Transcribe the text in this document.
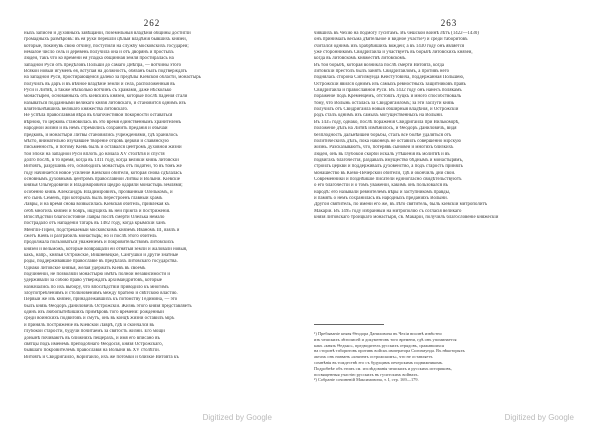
262
ныхъ записей и духовныхъ завѣщаній, поземельныя владѣнія общины достигли
громадныхъ размѣровъ: въ ея руки перешли цѣлыя владѣнія бывшихъ князей,
которые, покинувъ свою отчину, поступили на службу московскихъ государей;
немалое число сель и деревень получила она и отъ дворянъ и простыхъ
людей, такъ что ко времени ея упадка общинная земля простиралась на
западной Руси отъ предѣловъ Польши до самаго Днѣпра, — вотчины этого
Всякой новый игуменъ ея, вступая на должность, обязанъ былъ подтверждать
на западной Руси, простирающейся далеко за предѣлы Кіевской области, монастырь
получилъ въ даръ и въ вѣчное владѣніе земли и сёла, расположенныя въ
Руси и Литвѣ, а также нѣсколько вотчинъ съ храмами, даже нѣсколько
монастырей, основанныхъ отъ кіевскихъ князей, которые послѣ паденія стали
называться подданными великаго князя литовскаго, и становится однимъ изъ
вліятельнѣйшихъ великаго княжества литовскаго.
Не успѣла православная вѣра въ благочестивой покорности оставаться
вѣрною, то церковь становилась въ это время единственнымъ хранителемъ
народной жизни и въ немъ стремились сохранить преданія и обычаи
предковъ, и монастыри Литвы становились учрежденіями, гдѣ хранилось
мѣсто, внимательно изучавшее твореніе отцовъ церкви и славянскую
письменность, и потому Кіевъ былъ и оставался центромъ духовной жизни
той эпохи на западной Руси вплоть до начала XV столѣтія и спустя
долго послѣ, в то время, когда въ 1411 году, когда великій князь литовскій
Витовтъ, разрушивъ его, освободилъ монастырь отъ податей, то въ томъ же
году начинается новое усиленіе Кіевской обители, которая снова сдѣлалась
основнымъ духовнымъ центромъ православной Литвы и Волыни. Кіевскіе
князья Ольгердовичи и Владиміровичи щедро одаряли монастырь землями;
особенно князь Александръ Владиміровичъ, прозванный Олелькомъ, и
его сынъ Семенъ, при которыхъ былъ перестроенъ главный храмъ
Лавры, и на время снова возвысилась Кіевская обитель, привлекая къ
себѣ многихъ князей и бояръ, ищущихъ въ ней пріюта и постриженія.
Впослѣдствіи благосостояніе Лавры послѣ смерти Олелька немало
пострадало отъ нападеній татаръ въ 1482 году, когда крымскій ханъ
Менгли-Гирей, подстрекаемый московскимъ княземъ Иваномъ III, взялъ и
сжегъ Кіевъ и разграбилъ монастырь; но и послѣ этого обитель
продолжала пользоваться уваженіемъ и покровительствомъ литовскихъ
князей и вельможъ, которые возвращали ей отнятыя земли и жаловали новыя,
какъ, напр., князья Острожскіе, Вишневецкіе, Сангушки и другіе знатные
роды, поддерживавшіе православіе въ предѣлахъ литовскаго государства.
Однако литовскіе князья, желая удержать Кіевъ въ своемъ
подчиненіи, не позволяли монастырю имѣть полной независимости и
удерживали за собою право утверждать архимандритовъ, которые
назначались по ихъ выбору, что впослѣдствіи приводило къ многимъ
злоупотребленіямъ и столкновеніямъ между братіею и свѣтскою властію.
Первый же изъ князей, принадлежавшихъ къ потомству Гедимина, — это
былъ князь Ѳеодоръ Даниловичъ Острожскій. Жизнь этого князя представляетъ
одинъ изъ любопытнѣйшихъ примѣровъ того времени: рожденный
среди воинскихъ подвиговъ и смутъ, онъ въ концѣ жизни оставилъ міръ
и принялъ постриженіе въ Кіевской Лаврѣ, гдѣ и скончался въ
глубокой старости, будучи почитаемъ за святость жизни. Его мощи
донынѣ почиваютъ въ ближнихъ пещерахъ, и имя его вписано въ
святцы подъ именемъ преподобнаго Ѳеодосія, князя Острожскаго,
бывшаго покровителемъ православія на Волыни въ XV столѣтіи.
Витовтъ и Свидригайло, Коригайло, ихъ же потомки и близкіе Витовта къ
Digitized by Google
263
чившихъ въ Чехію на подмогу гуситамъ. Въ чешской войнѣ лѣтъ (1422—1430)
онъ принималъ весьма дѣятельное и видное участіе¹) и среди таборитовъ
считался однимъ изъ храбрѣйшихъ вождей; а въ 1430 году онъ является
уже сторонникомъ Свидригайла и участвуетъ въ борьбѣ литовскихъ князей,
когда въ литовскомъ княжествѣ литовскомъ.
Въ той борьбѣ, которая возникла послѣ смерти Витовта, когда
литовскій престолъ былъ занятъ Свидригайломъ, а противъ него
поднялась сторона Сигизмунда Кейстутовича, поддержанная Польшею,
Острожскій явился однимъ изъ самыхъ ревностныхъ защитниковъ правъ
Свидригайла и православной Руси. Въ 1432 году онъ нанесъ полякамъ
пораженіе подъ Кременцемъ, отстоялъ Луцкъ и много способствовалъ
тому, что Волынь осталась за Свидригайломъ; за эти заслуги князь
получилъ отъ Свидригайла новыя обширныя владѣнія, и Острожскій
родъ сталъ однимъ изъ самыхъ могущественныхъ на Волыни.
Въ 1435 году, однако, послѣ пораженія Свидригайла при Вилькомірѣ,
положеніе дѣлъ на Литвѣ измѣнилось, и Ѳеодоръ Даниловичъ, видя
безплодность дальнѣйшей борьбы, сталъ все болѣе удаляться отъ
политическихъ дѣлъ, пока наконецъ не оставилъ совершенно мірскую
жизнь. Разсказываютъ, что, потерявъ сыновей и многихъ близкихъ
людей, онъ въ глубокой скорби искалъ утѣшенія въ молитвѣ и въ
подвигахъ благочестія, раздавалъ имущество бѣднымъ и монастырямъ,
строилъ церкви и поддерживалъ духовенство, а подъ старость принялъ
монашество въ Кіево-Печерской обители, гдѣ и окончилъ дни свои.
Современники и позднѣйшіе писатели единогласно свидѣтельствуютъ
о его благочестіи и о томъ уваженіи, какимъ онъ пользовался въ
народѣ: его называли ревнителемъ вѣры и заступникомъ правды,
и память о немъ сохранилась въ народныхъ преданіяхъ Волыни.
Другой святитель, по имени его же, въ лѣто святитель, былъ кіевскій митрополитъ
Макарій. Въ 1495 году избранный на митрополію съ согласія великаго
князя литовскаго троицкаго монастыря, св. Макарій, получилъ благословеніе княжескій
¹) Пребываніе князя Ѳеодора Даниловича въ Чехіи вполнѣ извѣстно
изъ чешскихъ лѣтописей и документовъ того времени, гдѣ онъ упоминается
какъ «князь Ѳедько», предводитель русскихъ отрядовъ, сражавшихся
на сторонѣ таборитовъ противъ войскъ императора Сигизмунда. Въ нѣкоторыхъ
актахъ онъ названъ «княземъ острожскимъ», что не оставляетъ
сомнѣнія въ тождествѣ его съ будущимъ печерскимъ подвижникомъ.
Подробнѣе объ этомъ см. изслѣдованія чешскихъ и русскихъ историковъ,
посвященныя участію русскихъ въ гуситскихъ войнахъ.
²) Собраніе сочиненій Максимовича, т. I, стр. 169—179.
Digitized by Google
